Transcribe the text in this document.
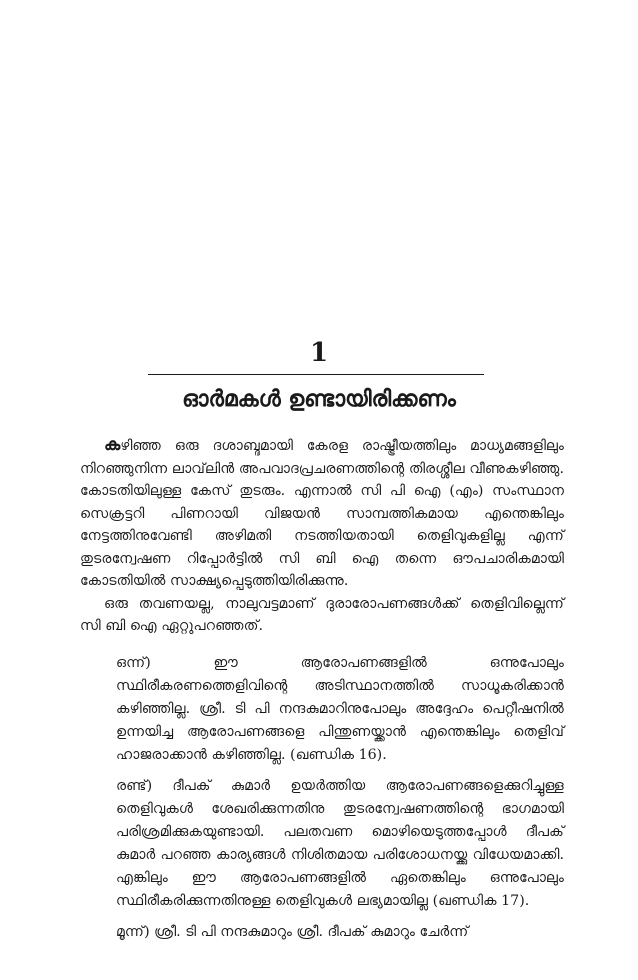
1
ഓർമകൾ ഉണ്ടായിരിക്കണം

കഴിഞ്ഞ ഒരു ദശാബ്ദമായി കേരള രാഷ്ട്രീയത്തിലും മാധ്യമങ്ങളിലും നിറഞ്ഞുനിന്ന ലാവ്‌ലിൻ അപവാദപ്രചരണത്തിന്റെ തിരശ്ശീല വീണുകഴിഞ്ഞു. കോടതിയിലുള്ള കേസ് തുടരും. എന്നാൽ സി പി ഐ (എം) സംസ്ഥാന സെക്രട്ടറി പിണറായി വിജയൻ സാമ്പത്തികമായ എന്തെങ്കിലും നേട്ടത്തിനുവേണ്ടി അഴിമതി നടത്തിയതായി തെളിവുകളില്ല എന്ന് തുടരന്വേഷണ റിപ്പോർട്ടിൽ സി ബി ഐ തന്നെ ഔപചാരികമായി കോടതിയിൽ സാക്ഷ്യപ്പെടുത്തിയിരിക്കുന്നു.

ഒരു തവണയല്ല, നാലുവട്ടമാണ് ദുരാരോപണങ്ങൾക്ക് തെളിവില്ലെന്ന് സി ബി ഐ ഏറ്റുപറഞ്ഞത്.

ഒന്ന്) ഈ ആരോപണങ്ങളിൽ ഒന്നുപോലും സ്ഥിരീകരണത്തെളിവിന്റെ അടിസ്ഥാനത്തിൽ സാധൂകരിക്കാൻ കഴിഞ്ഞില്ല. ശ്രീ. ടി പി നന്ദകുമാറിനുപോലും അദ്ദേഹം പെറ്റീഷനിൽ ഉന്നയിച്ച ആരോപണങ്ങളെ പിന്തുണയ്ക്കാൻ എന്തെങ്കിലും തെളിവ് ഹാജരാക്കാൻ കഴിഞ്ഞില്ല. (ഖണ്ഡിക 16).

രണ്ട്) ദീപക് കുമാർ ഉയർത്തിയ ആരോപണങ്ങളെക്കുറിച്ചുള്ള തെളിവുകൾ ശേഖരിക്കുന്നതിനു തുടരന്വേഷണത്തിന്റെ ഭാഗമായി പരിശ്രമിക്കുകയുണ്ടായി. പലതവണ മൊഴിയെടുത്തപ്പോൾ ദീപക് കുമാർ പറഞ്ഞ കാര്യങ്ങൾ നിശിതമായ പരിശോധനയ്ക്കു വിധേയമാക്കി. എങ്കിലും ഈ ആരോപണങ്ങളിൽ ഏതെങ്കിലും ഒന്നുപോലും സ്ഥിരീകരിക്കുന്നതിനുള്ള തെളിവുകൾ ലഭ്യമായില്ല (ഖണ്ഡിക 17).

മൂന്ന്) ശ്രീ. ടി പി നന്ദകുമാറും ശ്രീ. ദീപക് കുമാറും ചേർന്ന്
